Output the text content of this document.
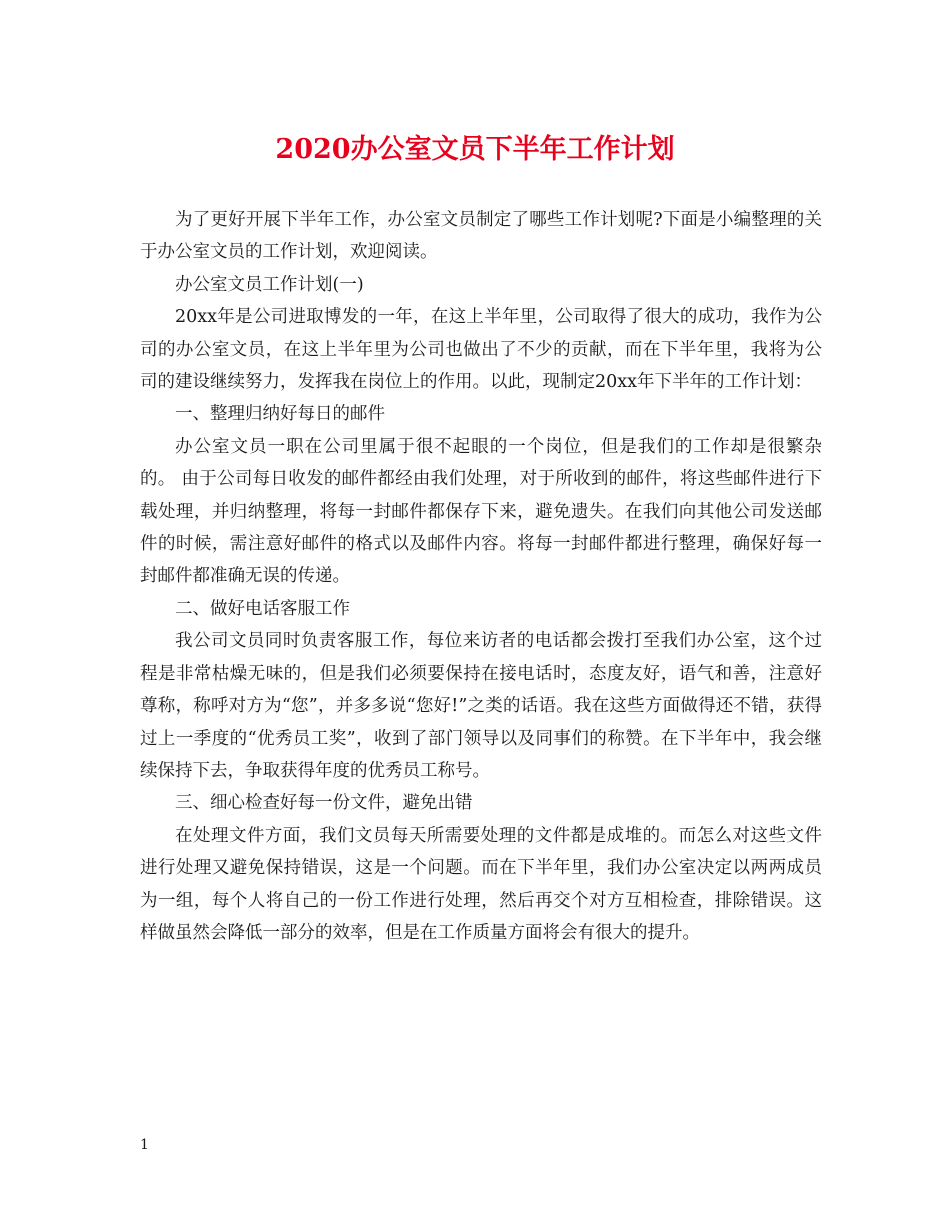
2020办公室文员下半年工作计划

为了更好开展下半年工作，办公室文员制定了哪些工作计划呢?下面是小编整理的关于办公室文员的工作计划，欢迎阅读。

办公室文员工作计划(一)

20xx年是公司进取博发的一年，在这上半年里，公司取得了很大的成功，我作为公司的办公室文员，在这上半年里为公司也做出了不少的贡献，而在下半年里，我将为公司的建设继续努力，发挥我在岗位上的作用。以此，现制定20xx年下半年的工作计划：

一、整理归纳好每日的邮件

办公室文员一职在公司里属于很不起眼的一个岗位，但是我们的工作却是很繁杂的。 由于公司每日收发的邮件都经由我们处理，对于所收到的邮件，将这些邮件进行下载处理，并归纳整理，将每一封邮件都保存下来，避免遗失。在我们向其他公司发送邮件的时候，需注意好邮件的格式以及邮件内容。将每一封邮件都进行整理，确保好每一封邮件都准确无误的传递。

二、做好电话客服工作

我公司文员同时负责客服工作，每位来访者的电话都会拨打至我们办公室，这个过程是非常枯燥无味的，但是我们必须要保持在接电话时，态度友好，语气和善，注意好尊称，称呼对方为“您”，并多多说“您好!”之类的话语。我在这些方面做得还不错，获得过上一季度的“优秀员工奖”，收到了部门领导以及同事们的称赞。在下半年中，我会继续保持下去，争取获得年度的优秀员工称号。

三、细心检查好每一份文件，避免出错

在处理文件方面，我们文员每天所需要处理的文件都是成堆的。而怎么对这些文件进行处理又避免保持错误，这是一个问题。而在下半年里，我们办公室决定以两两成员为一组，每个人将自己的一份工作进行处理，然后再交个对方互相检查，排除错误。这样做虽然会降低一部分的效率，但是在工作质量方面将会有很大的提升。

1
